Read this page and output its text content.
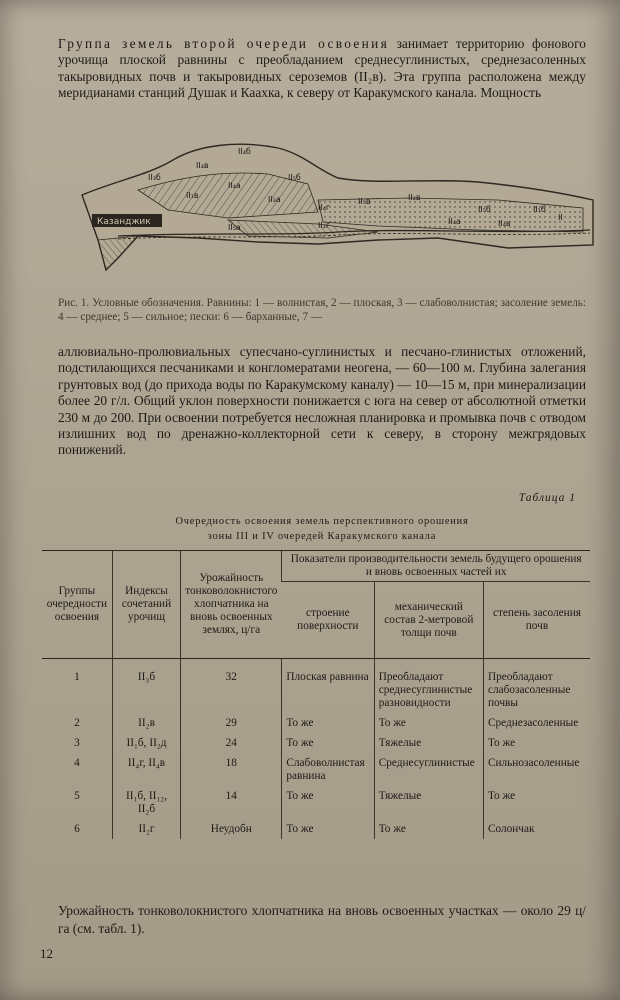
Группа земель второй очереди освоения занимает территорию фонового урочища плоской равнины с преобладанием среднесуглинистых, среднезасоленных такыровидных почв и такыровидных сероземов (II₂в). Эта группа расположена между меридианами станций Душак и Каахка, к северу от Каракумского канала. Мощность

II₄б
II₄в
II₃б
II₄а
II₁в
II₅б
II₃а
II₄г
II₅в	II₂в
II₄а
II₅б
II₂г
II₅а	II₄в
II₁б
II
Казанджик

Рис. 1. Условные обозначения. Равнины: 1 — волнистая, 2 — плоская, 3 — слабоволнистая; засоление земель: 4 — среднее; 5 — сильное; пески: 6 — барханные, 7 —

аллювиально-пролювиальных супесчано-суглинистых и песчано-глинистых отложений, подстилающихся песчаниками и конгломератами неогена, — 60—100 м. Глубина залегания грунтовых вод (до прихода воды по Каракумскому каналу) — 10—15 м, при минерализации более 20 г/л. Общий уклон поверхности понижается с юга на север от абсолютной отметки 230 м до 200. При освоении потребуется несложная планировка и промывка почв с отводом излишних вод по дренажно-коллекторной сети к северу, в сторону межгрядовых понижений.

Таблица 1
Очередность освоения земель перспективного орошения
зоны III и IV очередей Каракумского канала
Группы очередности освоения	Индексы сочетаний урочищ	Урожайность тонковолокнистого хлопчатника на вновь освоенных землях, ц/га	Показатели производительности земель будущего орошения и вновь освоенных частей их		
			строение поверхности	механический состав 2-метровой толщи почв	степень засоления почв
1	II₃б	32	Плоская равнина	Преобладают среднесуглинистые разновидности	Преобладают слабозасоленные почвы
2	II₂в	29	То же	То же	Среднезасоленные
3	II₁б, II₂д	24	То же	Тяжелые	То же
4	II₄г, II₄в	18	Слабоволнистая равнина	Среднесуглинистые	Сильнозасоленные
5	II₁б, II₁₂, II₂б	14	То же	Тяжелые	То же
6	II₂г	Неудобн	То же	То же	Солончак

Урожайность тонковолокнистого хлопчатника на вновь освоенных участках — около 29 ц/га (см. табл. 1).

12
